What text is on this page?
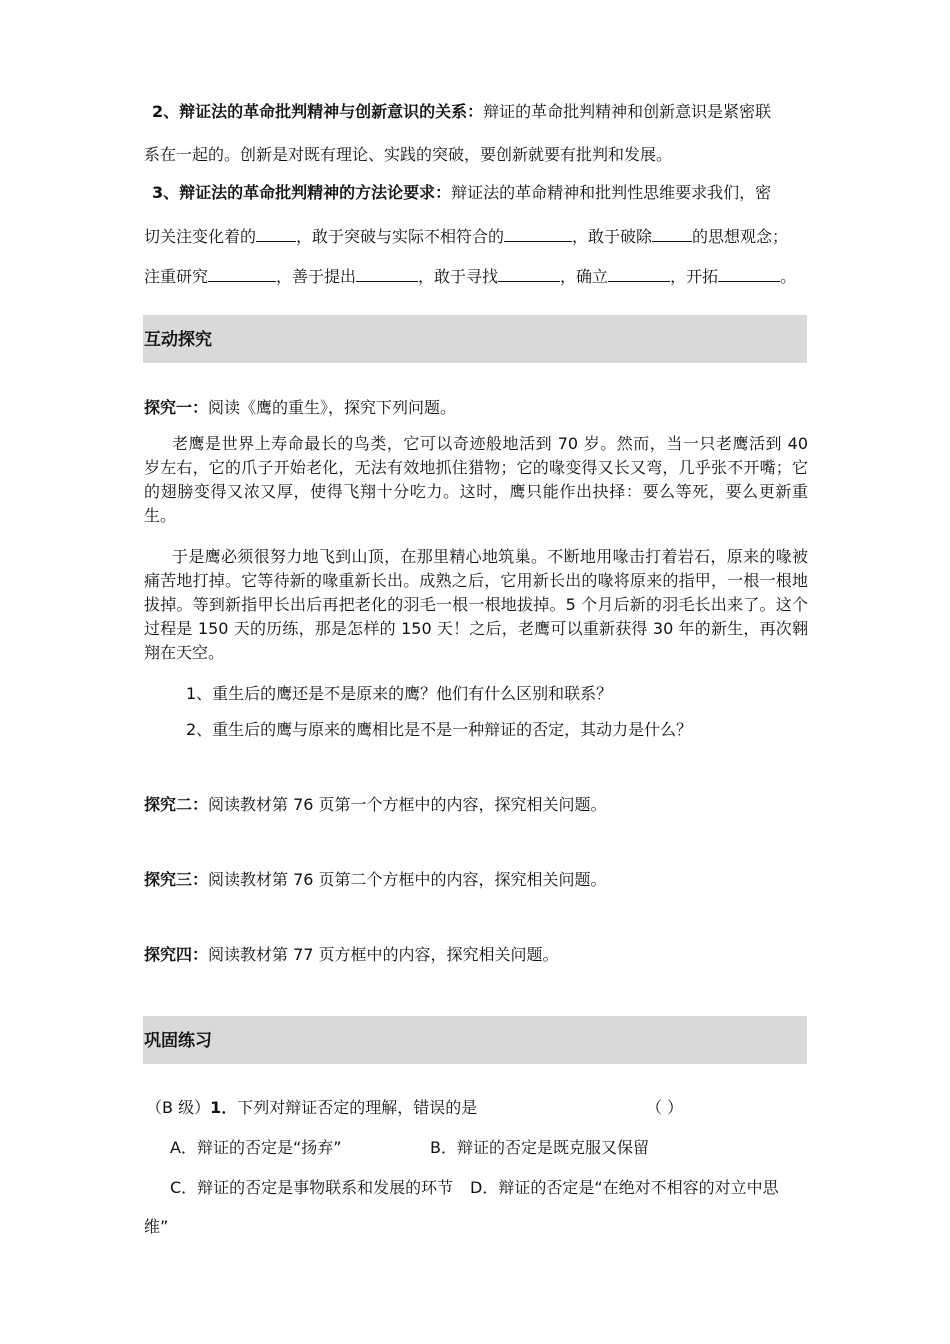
2、辩证法的革命批判精神与创新意识的关系：辩证的革命批判精神和创新意识是紧密联
系在一起的。创新是对既有理论、实践的突破，要创新就要有批判和发展。
3、辩证法的革命批判精神的方法论要求：辩证法的革命精神和批判性思维要求我们，密
切关注变化着的	，敢于突破与实际不相符合的	，敢于破除	的思想观念；
注重研究	，善于提出	，敢于寻找	，确立	，开拓	。
互动探究
探究一：阅读《鹰的重生》，探究下列问题。
老鹰是世界上寿命最长的鸟类，它可以奇迹般地活到 70 岁。然而，当一只老鹰活到 40 岁左右，它的爪子开始老化，无法有效地抓住猎物；它的喙变得又长又弯，几乎张不开嘴；它的翅膀变得又浓又厚，使得飞翔十分吃力。这时，鹰只能作出抉择：要么等死，要么更新重生。
于是鹰必须很努力地飞到山顶，在那里精心地筑巢。不断地用喙击打着岩石，原来的喙被痛苦地打掉。它等待新的喙重新长出。成熟之后，它用新长出的喙将原来的指甲，一根一根地拔掉。等到新指甲长出后再把老化的羽毛一根一根地拔掉。5 个月后新的羽毛长出来了。这个过程是 150 天的历练，那是怎样的 150 天！之后，老鹰可以重新获得 30 年的新生，再次翱翔在天空。
1、重生后的鹰还是不是原来的鹰？他们有什么区别和联系？
2、重生后的鹰与原来的鹰相比是不是一种辩证的否定，其动力是什么？
探究二：阅读教材第 76 页第一个方框中的内容，探究相关问题。
探究三：阅读教材第 76 页第二个方框中的内容，探究相关问题。
探究四：阅读教材第 77 页方框中的内容，探究相关问题。
巩固练习
（B 级）1．下列对辩证否定的理解，错误的是	（ ）
A．辩证的否定是“扬弃”	B．辩证的否定是既克服又保留
C．辩证的否定是事物联系和发展的环节 D．辩证的否定是“在绝对不相容的对立中思
维”
